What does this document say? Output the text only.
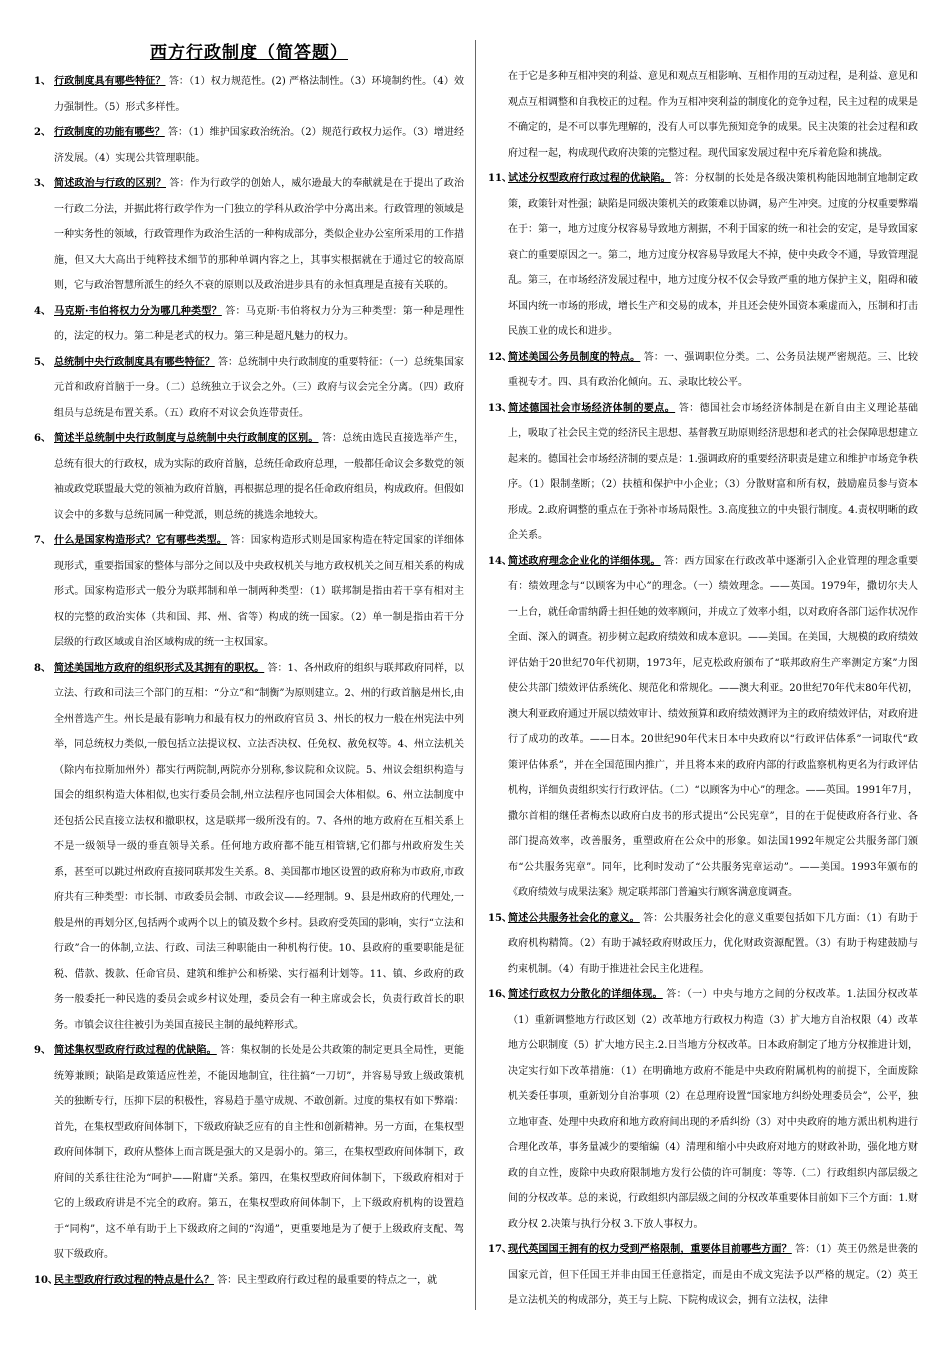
西方行政制度（简答题）

1、 行政制度具有哪些特征？ 答：（1）权力规范性。(2) 严格法制性。（3）环境制约性。（4）效力强制性。（5）形式多样性。

2、 行政制度的功能有哪些？ 答：（1）维护国家政治统治。（2）规范行政权力运作。（3）增进经济发展。（4）实现公共管理职能。

3、 简述政治与行政的区别？ 答：作为行政学的创始人，威尔逊最大的奉献就是在于提出了政治一行政二分法，并据此将行政学作为一门独立的学科从政治学中分离出来。行政管理的领域是一种实务性的领域，行政管理作为政治生活的一种构成部分，类似企业办公室所采用的工作措施，但又大大高出于纯粹技术细节的那种单调内容之上，其事实根据就在于通过它的较高原则，它与政治智慧所派生的经久不衰的原则以及政治进步具有的永恒真理是直接有关联的。

4、 马克斯·韦伯将权力分为哪几种类型？ 答：马克斯·韦伯将权力分为三种类型：第一种是理性的，法定的权力。第二种是老式的权力。第三种是超凡魅力的权力。

5、 总统制中央行政制度具有哪些特征？ 答：总统制中央行政制度的重要特征：（一）总统集国家元首和政府首脑于一身。（二）总统独立于议会之外。（三）政府与议会完全分离。（四）政府组员与总统是布置关系。（五）政府不对议会负连带责任。

6、 简述半总统制中央行政制度与总统制中央行政制度的区别。 答：总统由选民直接选举产生，总统有很大的行政权，成为实际的政府首脑，总统任命政府总理，一般都任命议会多数党的领袖或政党联盟最大党的领袖为政府首脑，再根据总理的提名任命政府组员，构成政府。但假如议会中的多数与总统同属一种党派，则总统的挑选余地较大。

7、 什么是国家构造形式？它有哪些类型。 答：国家构造形式则是国家构造在特定国家的详细体现形式，重要指国家的整体与部分之间以及中央政权机关与地方政权机关之间互相关系的构成形式。国家构造形式一般分为联邦制和单一制两种类型：（1）联邦制是指由若干享有相对主权的完整的政治实体（共和国、邦、州、省等）构成的统一国家。（2）单一制是指由若干分层级的行政区域或自治区域构成的统一主权国家。

8、 简述美国地方政府的组织形式及其拥有的职权。 答：1、各州政府的组织与联邦政府同样，以立法、行政和司法三个部门的互相：“分立”和“制衡”为原则建立。2、州的行政首脑是州长,由全州普选产生。州长是最有影响力和最有权力的州政府官员 3、州长的权力一般在州宪法中列举，同总统权力类似,一般包括立法提议权、立法否决权、任免权、赦免权等。4、州立法机关（除内布拉斯加州外）都实行两院制,两院亦分别称,参议院和众议院。5、州议会组织构造与国会的组织构造大体相似,也实行委员会制,州立法程序也同国会大体相似。6、州立法制度中还包括公民直接立法权和撤职权，这是联邦一级所没有的。7、各州的地方政府在互相关系上不是一级领导一级的垂直领导关系。任何地方政府都不能互相管辖,它们都与州政府发生关系，甚至可以跳过州政府直接同联邦发生关系。8、美国都市地区设置的政府称为市政府,市政府共有三种类型：市长制、市政委员会制、市政会议——经理制。9、县是州政府的代理处,一般是州的再划分区,包括两个或两个以上的镇及数个乡村。县政府受英国的影响，实行“立法和行政”合一的体制,立法、行政、司法三种职能由一种机构行使。10、县政府的重要职能是征税、借款、拨款、任命官员、建筑和维护公和桥梁、实行福利计划等。11、镇、乡政府的政务一般委托一种民选的委员会或乡村议处理，委员会有一种主席或会长，负责行政首长的职务。市镇会议往往被引为美国直接民主制的最纯粹形式。

9、 简述集权型政府行政过程的优缺陷。 答：集权制的长处是公共政策的制定更具全局性，更能统筹兼顾；缺陷是政策适应性差，不能因地制宜，往往搞“一刀切”，并容易导致上级政策机关的独断专行，压抑下层的积极性，容易趋于墨守成规、不敢创新。过度的集权有如下弊端：首先，在集权型政府间体制下，下级政府缺乏应有的自主性和创新精神。另一方面，在集权型政府间体制下，政府从整体上而言既是强大的又是弱小的。第三，在集权型政府间体制下，政府间的关系往往沦为“呵护——附庸”关系。第四，在集权型政府间体制下，下级政府相对于它的上级政府讲是不完全的政府。第五，在集权型政府间体制下，上下级政府机构的设置趋于“同构”，这不单有助于上下级政府之间的“沟通”，更重要地是为了便于上级政府支配、驾驭下级政府。

10、民主型政府行政过程的特点是什么？ 答：民主型政府行政过程的最重要的特点之一，就

在于它是多种互相冲突的利益、意见和观点互相影响、互相作用的互动过程，是利益、意见和观点互相调整和自我校正的过程。作为互相冲突利益的制度化的竞争过程，民主过程的成果是不确定的，是不可以事先理解的，没有人可以事先预知竞争的成果。民主决策的社会过程和政府过程一起，构成现代政府决策的完整过程。现代国家发展过程中充斥着危险和挑战。

11、试述分权型政府行政过程的优缺陷。 答：分权制的长处是各级决策机构能因地制宜地制定政策，政策针对性强；缺陷是同级决策机关的政策难以协调，易产生冲突。过度的分权重要弊端在于：第一，地方过度分权容易导致地方割据，不利于国家的统一和社会的安定，是导致国家衰亡的重要原因之一。第二，地方过度分权容易导致尾大不掉，使中央政令不通，导致管理混乱。第三，在市场经济发展过程中，地方过度分权不仅会导致严重的地方保护主义，阻碍和破坏国内统一市场的形成，增长生产和交易的成本，并且还会使外国资本乘虚而入，压制和打击民族工业的成长和进步。

12、简述美国公务员制度的特点。 答：一、强调职位分类。二、公务员法规严密规范。三、比较重视专才。四、具有政治化倾向。五、录取比较公平。

13、简述德国社会市场经济体制的要点。 答：德国社会市场经济体制是在新自由主义理论基础上，吸取了社会民主党的经济民主思想、基督教互助原则经济思想和老式的社会保障思想建立起来的。德国社会市场经济制的要点是：1.强调政府的重要经济职责是建立和维护市场竞争秩序。（1）限制垄断；（2）扶植和保护中小企业；（3）分散财富和所有权，鼓励雇员参与资本形成。2.政府调整的重点在于弥补市场局限性。3.高度独立的中央银行制度。4.责权明晰的政企关系。

14、简述政府理念企业化的详细体现。 答：西方国家在行政改革中逐渐引入企业管理的理念重要有：绩效理念与“以顾客为中心”的理念。（一）绩效理念。——英国。1979年，撒切尔夫人一上台，就任命雷纳爵士担任她的效率顾问，并成立了效率小组，以对政府各部门运作状况作全面、深入的调查。初步树立起政府绩效和成本意识。——美国。在美国，大规模的政府绩效评估始于20世纪70年代初期，1973年，尼克松政府颁布了“联邦政府生产率测定方案”力图使公共部门绩效评估系统化、规范化和常规化。——澳大利亚。20世纪70年代末80年代初，澳大利亚政府通过开展以绩效审计、绩效预算和政府绩效测评为主的政府绩效评估，对政府进行了成功的改革。——日本。20世纪90年代末日本中央政府以“行政评估体系”一词取代“政策评估体系”，并在全国范围内推广，并且将本来的政府内部的行政监察机构更名为行政评估机构，详细负责组织实行行政评估。（二）“以顾客为中心”的理念。——英国。1991年7月，撒尔首相的继任者梅杰以政府白皮书的形式提出“公民宪章”，目的在于促使政府各行业、各部门提高效率，改善服务，重塑政府在公众中的形象。如法国1992年规定公共服务部门颁布“公共服务宪章”。同年，比利时发动了“公共服务宪章运动”。——美国。1993年颁布的《政府绩效与成果法案》规定联邦部门普遍实行顾客满意度调查。

15、简述公共服务社会化的意义。 答：公共服务社会化的意义重要包括如下几方面：（1）有助于政府机构精简。（2）有助于减轻政府财政压力，优化财政资源配置。（3）有助于构建鼓励与约束机制。（4）有助于推进社会民主化进程。

16、简述行政权力分散化的详细体现。 答：（一）中央与地方之间的分权改革。1.法国分权改革（1）重新调整地方行政区划（2）改革地方行政权力构造（3）扩大地方自治权限（4）改革地方公职制度（5）扩大地方民主.2.日当地方分权改革。日本政府制定了地方分权推进计划，决定实行如下改革措施：（1）在明确地方政府不能是中央政府附属机构的前提下，全面废除机关委任事项，重新划分自治事项（2）在总理府设置“国家地方纠纷处理委员会”，公平，独立地审查、处理中央政府和地方政府间出现的矛盾纠纷（3）对中央政府的地方派出机构进行合理化改革，事务量减少的要缩编（4）清理和缩小中央政府对地方的财政补助，强化地方财政的自立性，废除中央政府限制地方发行公债的许可制度：等等.（二）行政组织内部层级之间的分权改革。总的来说，行政组织内部层级之间的分权改革重要体目前如下三个方面：1.财政分权 2.决策与执行分权 3.下放人事权力。

17、现代英国国王拥有的权力受到严格限制，重要体目前哪些方面？ 答：（1）英王仍然是世袭的国家元首，但下任国王并非由国王任意指定，而是由不成文宪法予以严格的规定。（2）英王是立法机关的构成部分，英王与上院、下院构成议会，拥有立法权，法律
